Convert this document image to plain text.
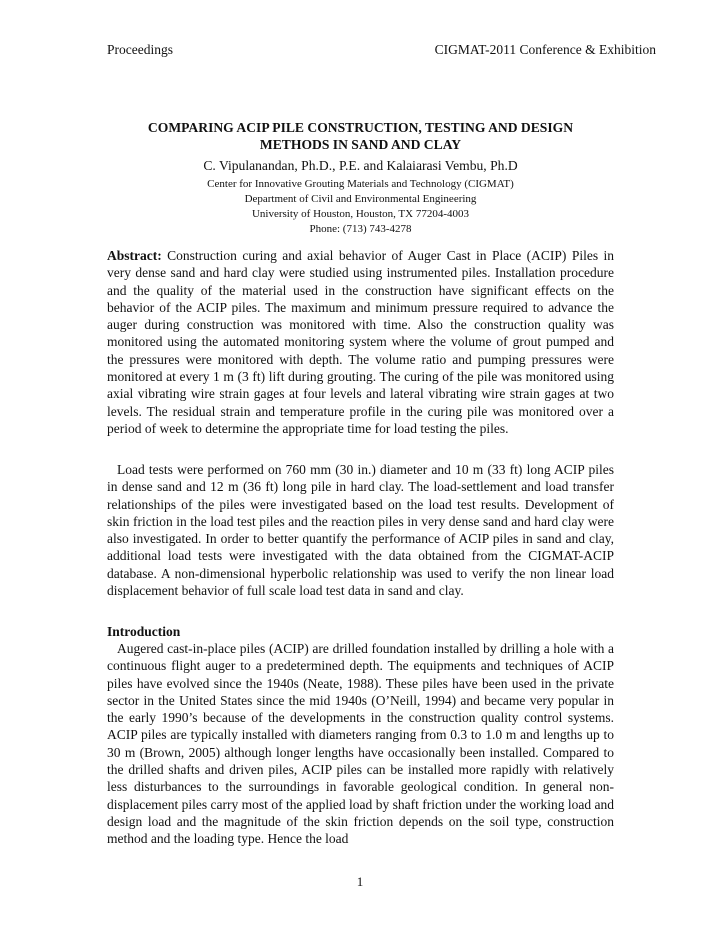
Proceedings	CIGMAT-2011 Conference & Exhibition
COMPARING ACIP PILE CONSTRUCTION, TESTING AND DESIGN
METHODS IN SAND AND CLAY
C. Vipulanandan, Ph.D., P.E. and Kalaiarasi Vembu, Ph.D
Center for Innovative Grouting Materials and Technology (CIGMAT)
Department of Civil and Environmental Engineering
University of Houston, Houston, TX 77204-4003
Phone: (713) 743-4278
Abstract: Construction curing and axial behavior of Auger Cast in Place (ACIP) Piles in very dense sand and hard clay were studied using instrumented piles. Installation procedure and the quality of the material used in the construction have significant effects on the behavior of the ACIP piles. The maximum and minimum pressure required to advance the auger during construction was monitored with time. Also the construction quality was monitored using the automated monitoring system where the volume of grout pumped and the pressures were monitored with depth. The volume ratio and pumping pressures were monitored at every 1 m (3 ft) lift during grouting. The curing of the pile was monitored using axial vibrating wire strain gages at four levels and lateral vibrating wire strain gages at two levels. The residual strain and temperature profile in the curing pile was monitored over a period of week to determine the appropriate time for load testing the piles.
Load tests were performed on 760 mm (30 in.) diameter and 10 m (33 ft) long ACIP piles in dense sand and 12 m (36 ft) long pile in hard clay. The load-settlement and load transfer relationships of the piles were investigated based on the load test results. Development of skin friction in the load test piles and the reaction piles in very dense sand and hard clay were also investigated. In order to better quantify the performance of ACIP piles in sand and clay, additional load tests were investigated with the data obtained from the CIGMAT-ACIP database. A non-dimensional hyperbolic relationship was used to verify the non linear load displacement behavior of full scale load test data in sand and clay.
Introduction
Augered cast-in-place piles (ACIP) are drilled foundation installed by drilling a hole with a continuous flight auger to a predetermined depth. The equipments and techniques of ACIP piles have evolved since the 1940s (Neate, 1988). These piles have been used in the private sector in the United States since the mid 1940s (O’Neill, 1994) and became very popular in the early 1990’s because of the developments in the construction quality control systems. ACIP piles are typically installed with diameters ranging from 0.3 to 1.0 m and lengths up to 30 m (Brown, 2005) although longer lengths have occasionally been installed. Compared to the drilled shafts and driven piles, ACIP piles can be installed more rapidly with relatively less disturbances to the surroundings in favorable geological condition. In general non-displacement piles carry most of the applied load by shaft friction under the working load and design load and the magnitude of the skin friction depends on the soil type, construction method and the loading type. Hence the load
1
